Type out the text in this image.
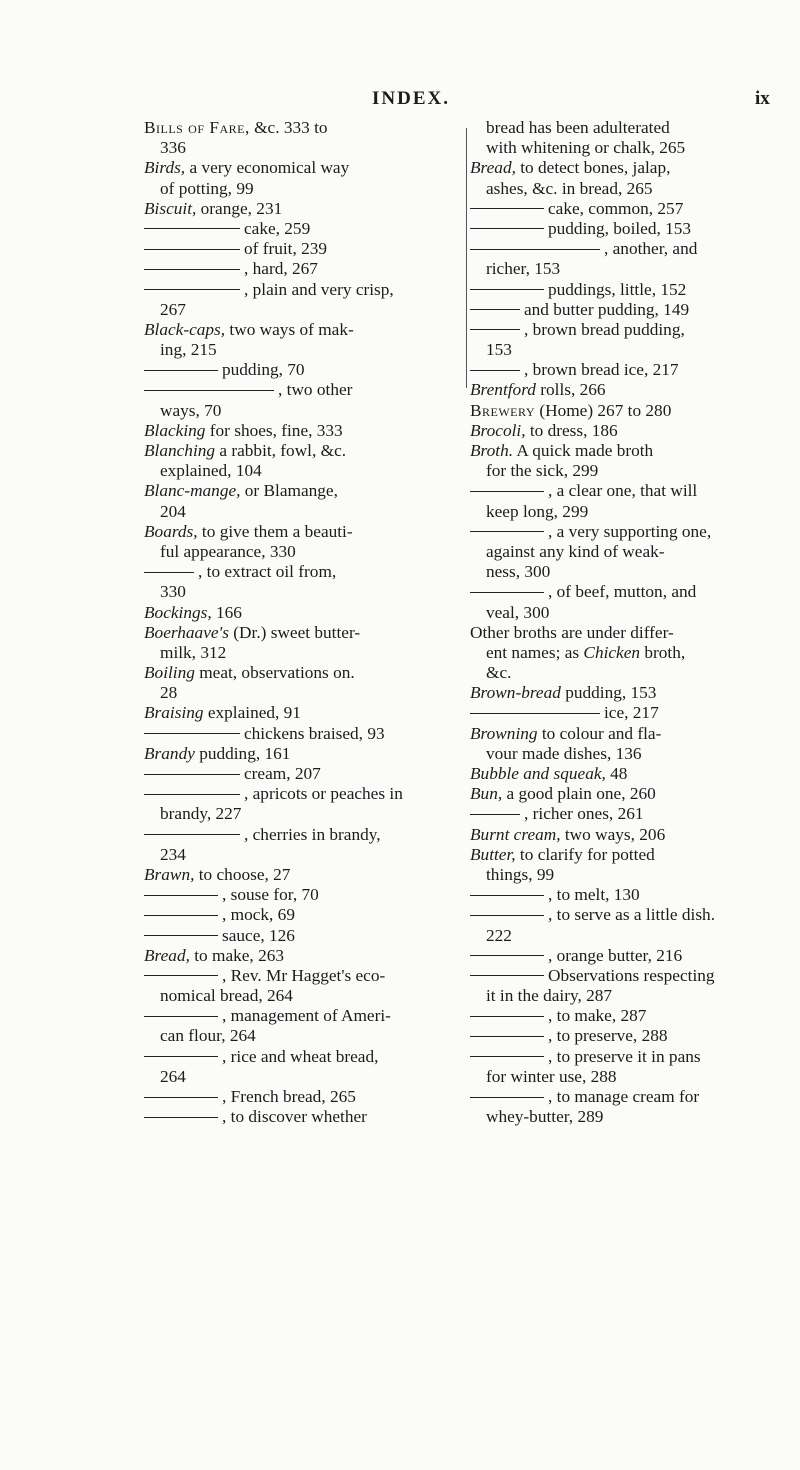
INDEX.	ix
Bills of Fare, &c. 333 to
336
Birds, a very economical way
of potting, 99
Biscuit, orange, 231
cake, 259
of fruit, 239
, hard, 267
, plain and very crisp,
267
Black-caps, two ways of mak-
ing, 215
pudding, 70
, two other
ways, 70
Blacking for shoes, fine, 333
Blanching a rabbit, fowl, &c.
explained, 104
Blanc-mange, or Blamange,
204
Boards, to give them a beauti-
ful appearance, 330
, to extract oil from,
330
Bockings, 166
Boerhaave's (Dr.) sweet butter-
milk, 312
Boiling meat, observations on.
28
Braising explained, 91
chickens braised, 93
Brandy pudding, 161
cream, 207
, apricots or peaches in
brandy, 227
, cherries in brandy,
234
Brawn, to choose, 27
, souse for, 70
, mock, 69
sauce, 126
Bread, to make, 263
, Rev. Mr Hagget's eco-
nomical bread, 264
, management of Ameri-
can flour, 264
, rice and wheat bread,
264
, French bread, 265
, to discover whether
bread has been adulterated
with whitening or chalk, 265
Bread, to detect bones, jalap,
ashes, &c. in bread, 265
cake, common, 257
pudding, boiled, 153
, another, and
richer, 153
puddings, little, 152
and butter pudding, 149
, brown bread pudding,
153
, brown bread ice, 217
Brentford rolls, 266
Brewery (Home) 267 to 280
Brocoli, to dress, 186
Broth. A quick made broth
for the sick, 299
, a clear one, that will
keep long, 299
, a very supporting one,
against any kind of weak-
ness, 300
, of beef, mutton, and
veal, 300
Other broths are under differ-
ent names; as Chicken broth,
&c.
Brown-bread pudding, 153
ice, 217
Browning to colour and fla-
vour made dishes, 136
Bubble and squeak, 48
Bun, a good plain one, 260
, richer ones, 261
Burnt cream, two ways, 206
Butter, to clarify for potted
things, 99
, to melt, 130
, to serve as a little dish.
222
, orange butter, 216
Observations respecting
it in the dairy, 287
, to make, 287
, to preserve, 288
, to preserve it in pans
for winter use, 288
, to manage cream for
whey-butter, 289
